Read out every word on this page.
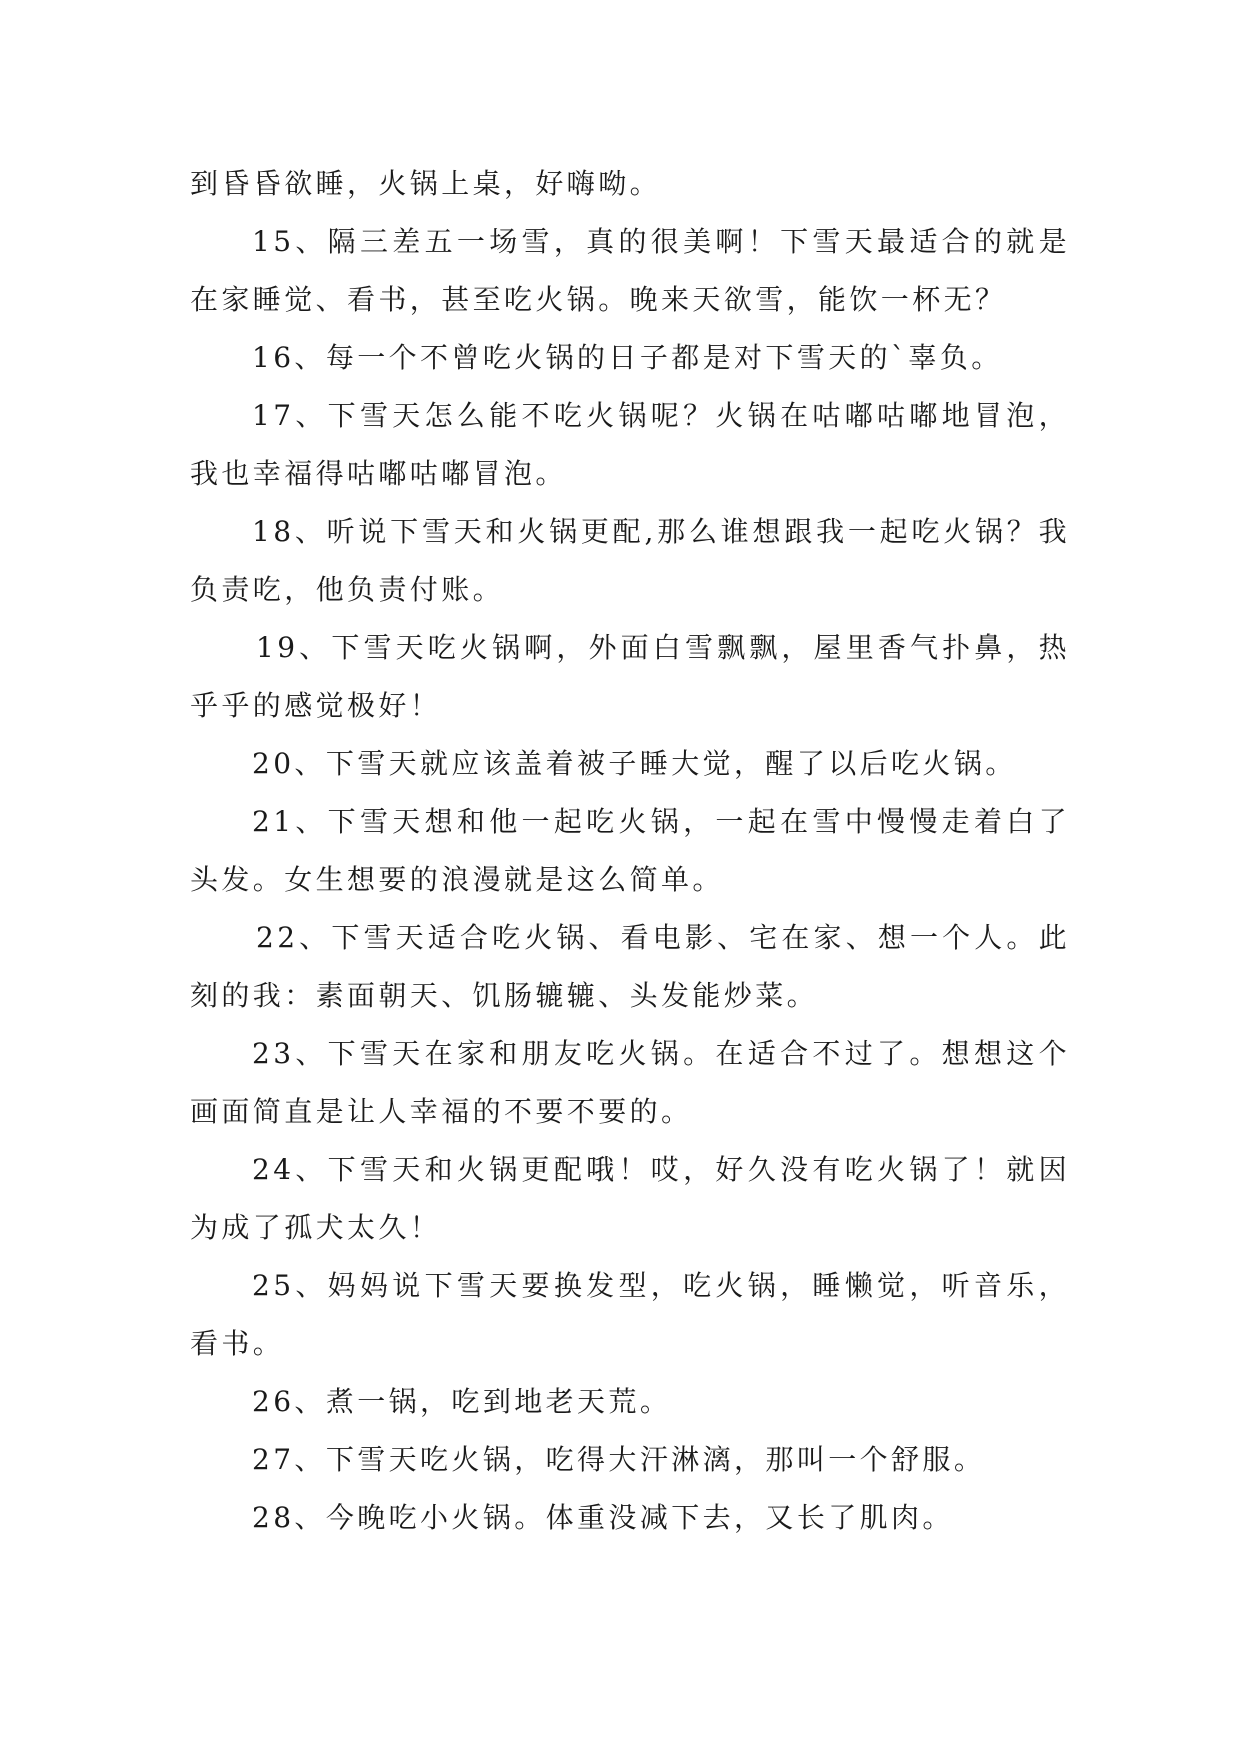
到昏昏欲睡，火锅上桌，好嗨呦。

15、隔三差五一场雪，真的很美啊！下雪天最适合的就是在家睡觉、看书，甚至吃火锅。晚来天欲雪，能饮一杯无？

16、每一个不曾吃火锅的日子都是对下雪天的`辜负。

17、下雪天怎么能不吃火锅呢？火锅在咕嘟咕嘟地冒泡，我也幸福得咕嘟咕嘟冒泡。

18、听说下雪天和火锅更配,那么谁想跟我一起吃火锅？我负责吃，他负责付账。

19、下雪天吃火锅啊，外面白雪飘飘，屋里香气扑鼻，热乎乎的感觉极好！

20、下雪天就应该盖着被子睡大觉，醒了以后吃火锅。

21、下雪天想和他一起吃火锅，一起在雪中慢慢走着白了头发。女生想要的浪漫就是这么简单。

22、下雪天适合吃火锅、看电影、宅在家、想一个人。此刻的我：素面朝天、饥肠辘辘、头发能炒菜。

23、下雪天在家和朋友吃火锅。在适合不过了。想想这个画面简直是让人幸福的不要不要的。

24、下雪天和火锅更配哦！哎，好久没有吃火锅了！就因为成了孤犬太久！

25、妈妈说下雪天要换发型，吃火锅，睡懒觉，听音乐，看书。

26、煮一锅，吃到地老天荒。

27、下雪天吃火锅，吃得大汗淋漓，那叫一个舒服。

28、今晚吃小火锅。体重没减下去，又长了肌肉。
